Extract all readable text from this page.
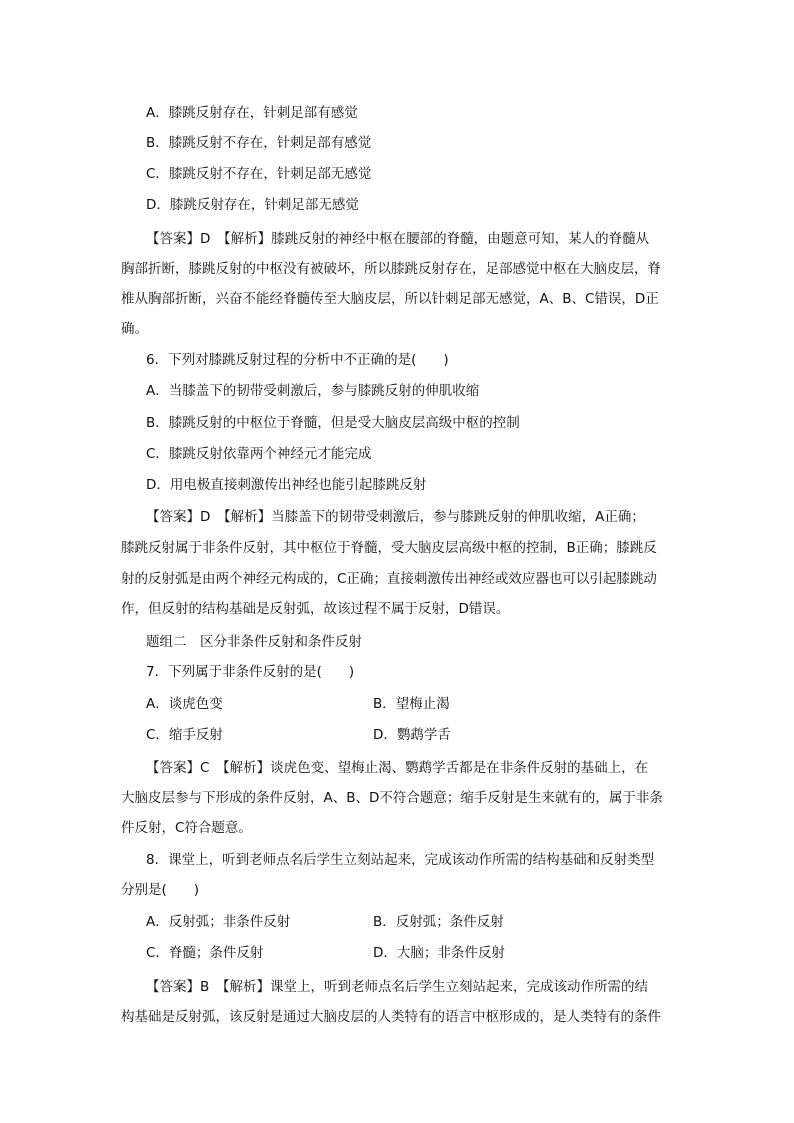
A．膝跳反射存在，针刺足部有感觉
B．膝跳反射不存在，针刺足部有感觉
C．膝跳反射不存在，针刺足部无感觉
D．膝跳反射存在，针刺足部无感觉
【答案】D　【解析】膝跳反射的神经中枢在腰部的脊髓，由题意可知，某人的脊髓从
胸部折断，膝跳反射的中枢没有被破坏，所以膝跳反射存在，足部感觉中枢在大脑皮层，脊
椎从胸部折断，兴奋不能经脊髓传至大脑皮层，所以针刺足部无感觉，A、B、C错误，D正
确。
6．下列对膝跳反射过程的分析中不正确的是(　　)
A．当膝盖下的韧带受刺激后，参与膝跳反射的伸肌收缩
B．膝跳反射的中枢位于脊髓，但是受大脑皮层高级中枢的控制
C．膝跳反射依靠两个神经元才能完成
D．用电极直接刺激传出神经也能引起膝跳反射
【答案】D　【解析】当膝盖下的韧带受刺激后，参与膝跳反射的伸肌收缩，A正确；
膝跳反射属于非条件反射，其中枢位于脊髓，受大脑皮层高级中枢的控制，B正确；膝跳反
射的反射弧是由两个神经元构成的，C正确；直接刺激传出神经或效应器也可以引起膝跳动
作，但反射的结构基础是反射弧，故该过程不属于反射，D错误。
题组二　区分非条件反射和条件反射
7．下列属于非条件反射的是(　　)
A．谈虎色变	B．望梅止渴
C．缩手反射	D．鹦鹉学舌
【答案】C　【解析】谈虎色变、望梅止渴、鹦鹉学舌都是在非条件反射的基础上，在
大脑皮层参与下形成的条件反射，A、B、D不符合题意；缩手反射是生来就有的，属于非条
件反射，C符合题意。
8．课堂上，听到老师点名后学生立刻站起来，完成该动作所需的结构基础和反射类型
分别是(　　)
A．反射弧；非条件反射	B．反射弧；条件反射
C．脊髓；条件反射	D．大脑；非条件反射
【答案】B　【解析】课堂上，听到老师点名后学生立刻站起来，完成该动作所需的结
构基础是反射弧，该反射是通过大脑皮层的人类特有的语言中枢形成的，是人类特有的条件
